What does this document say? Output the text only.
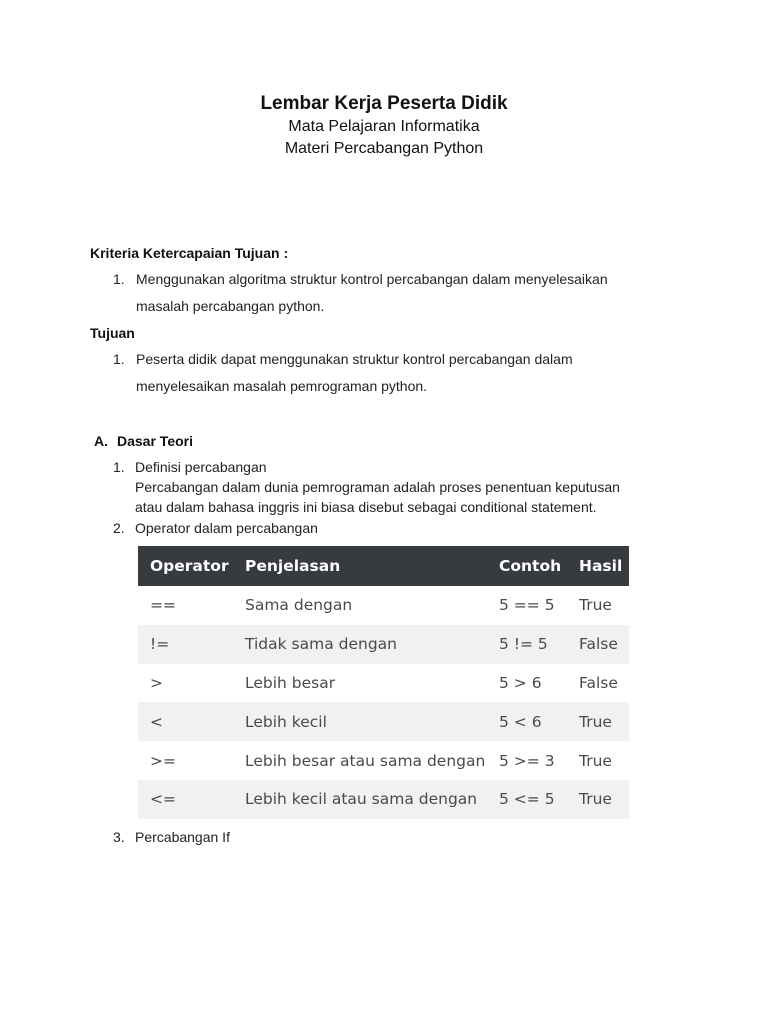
Lembar Kerja Peserta Didik
Mata Pelajaran Informatika
Materi Percabangan Python
Kriteria Ketercapaian Tujuan :
1. Menggunakan algoritma struktur kontrol percabangan dalam menyelesaikan
masalah percabangan python.
Tujuan
1. Peserta didik dapat menggunakan struktur kontrol percabangan dalam
menyelesaikan masalah pemrograman python.
A. Dasar Teori
1. Definisi percabangan
Percabangan dalam dunia pemrograman adalah proses penentuan keputusan
atau dalam bahasa inggris ini biasa disebut sebagai conditional statement.
2. Operator dalam percabangan
Operator	Penjelasan	Contoh	Hasil
==	Sama dengan	5 == 5	True
!=	Tidak sama dengan	5 != 5	False
>	Lebih besar	5 > 6	False
<	Lebih kecil	5 < 6	True
>=	Lebih besar atau sama dengan	5 >= 3	True
<=	Lebih kecil atau sama dengan	5 <= 5	True
3. Percabangan If
